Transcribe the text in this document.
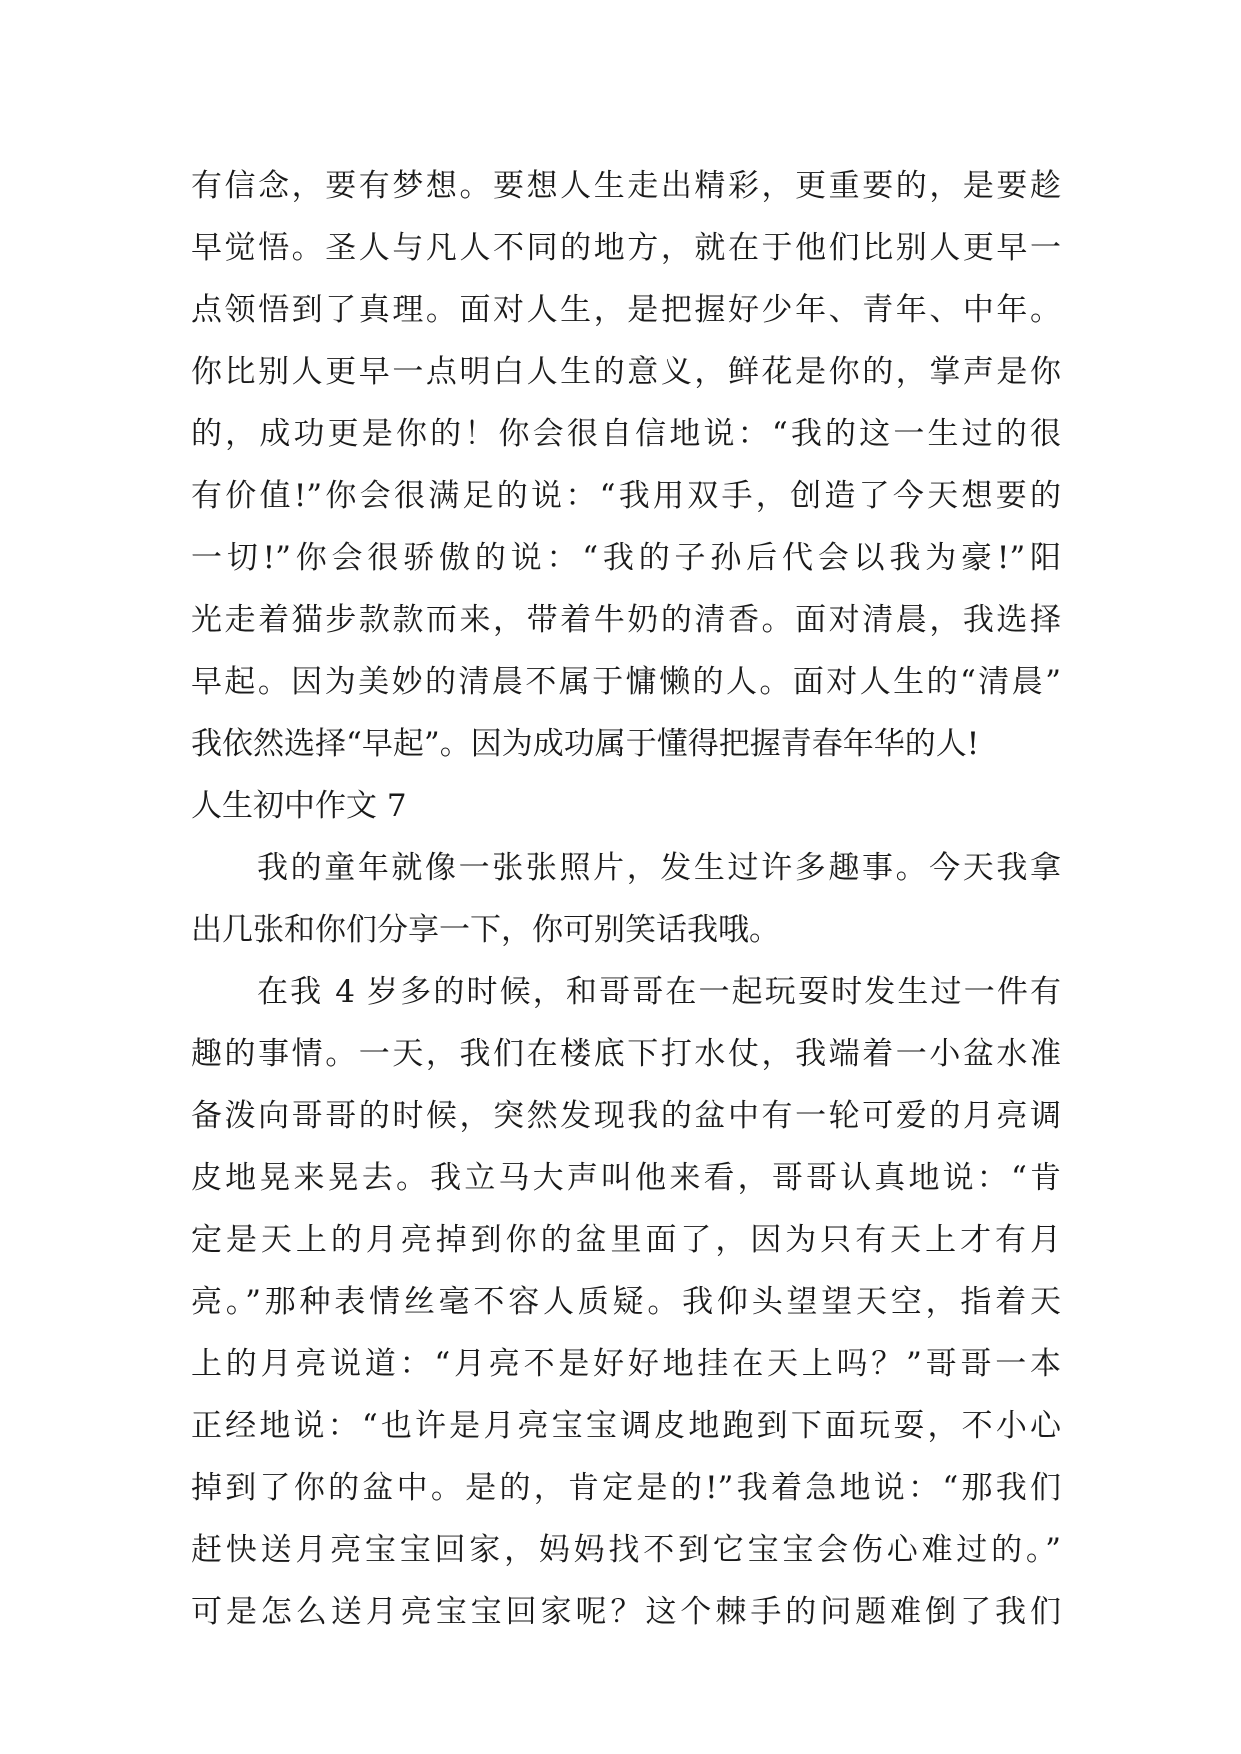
有信念，要有梦想。要想人生走出精彩，更重要的，是要趁
早觉悟。圣人与凡人不同的地方，就在于他们比别人更早一
点领悟到了真理。面对人生，是把握好少年、青年、中年。
你比别人更早一点明白人生的意义，鲜花是你的，掌声是你
的，成功更是你的！你会很自信地说：“我的这一生过的很
有价值!”你会很满足的说：“我用双手，创造了今天想要的
一切!”你会很骄傲的说：“我的子孙后代会以我为豪!”阳
光走着猫步款款而来，带着牛奶的清香。面对清晨，我选择
早起。因为美妙的清晨不属于慵懒的人。面对人生的“清晨”
我依然选择“早起”。因为成功属于懂得把握青春年华的人!
人生初中作文 7
我的童年就像一张张照片，发生过许多趣事。今天我拿
出几张和你们分享一下，你可别笑话我哦。
在我 4 岁多的时候，和哥哥在一起玩耍时发生过一件有
趣的事情。一天，我们在楼底下打水仗，我端着一小盆水准
备泼向哥哥的时候，突然发现我的盆中有一轮可爱的月亮调
皮地晃来晃去。我立马大声叫他来看，哥哥认真地说：“肯
定是天上的月亮掉到你的盆里面了，因为只有天上才有月
亮。”那种表情丝毫不容人质疑。我仰头望望天空，指着天
上的月亮说道：“月亮不是好好地挂在天上吗？”哥哥一本
正经地说：“也许是月亮宝宝调皮地跑到下面玩耍，不小心
掉到了你的盆中。是的，肯定是的!”我着急地说：“那我们
赶快送月亮宝宝回家，妈妈找不到它宝宝会伤心难过的。”
可是怎么送月亮宝宝回家呢？这个棘手的问题难倒了我们
